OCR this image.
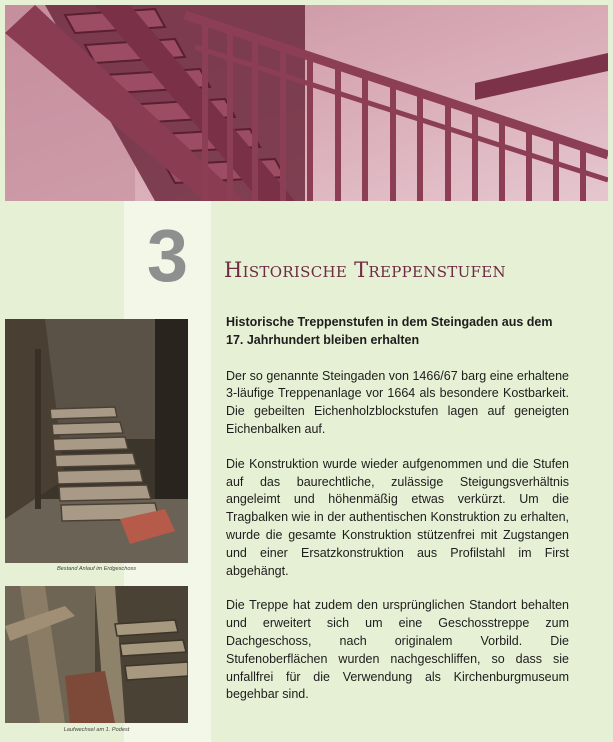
3	Historische Treppenstufen
Bestand Anlauf im Erdgeschoss
Laufwechsel am 1. Podest
Historische Treppenstufen in dem Steingaden aus dem 17. Jahrhundert bleiben erhalten

Der so genannte Steingaden von 1466/67 barg eine erhaltene 3-läufige Treppenanlage vor 1664 als besondere Kostbarkeit. Die gebeilten Eichenholzblockstufen lagen auf geneigten Eichenbalken auf.

Die Konstruktion wurde wieder aufgenommen und die Stufen auf das baurechtliche, zulässige Steigungsverhältnis angeleimt und höhenmäßig etwas verkürzt. Um die Tragbalken wie in der authentischen Konstruktion zu erhalten, wurde die gesamte Konstruktion stützenfrei mit Zugstangen und einer Ersatzkonstruktion aus Profilstahl im First abgehängt.

Die Treppe hat zudem den ursprünglichen Standort behalten und erweitert sich um eine Geschosstreppe zum Dachgeschoss, nach originalem Vorbild. Die Stufenoberflächen wurden nachgeschliffen, so dass sie unfallfrei für die Verwendung als Kirchenburgmuseum begehbar sind.
